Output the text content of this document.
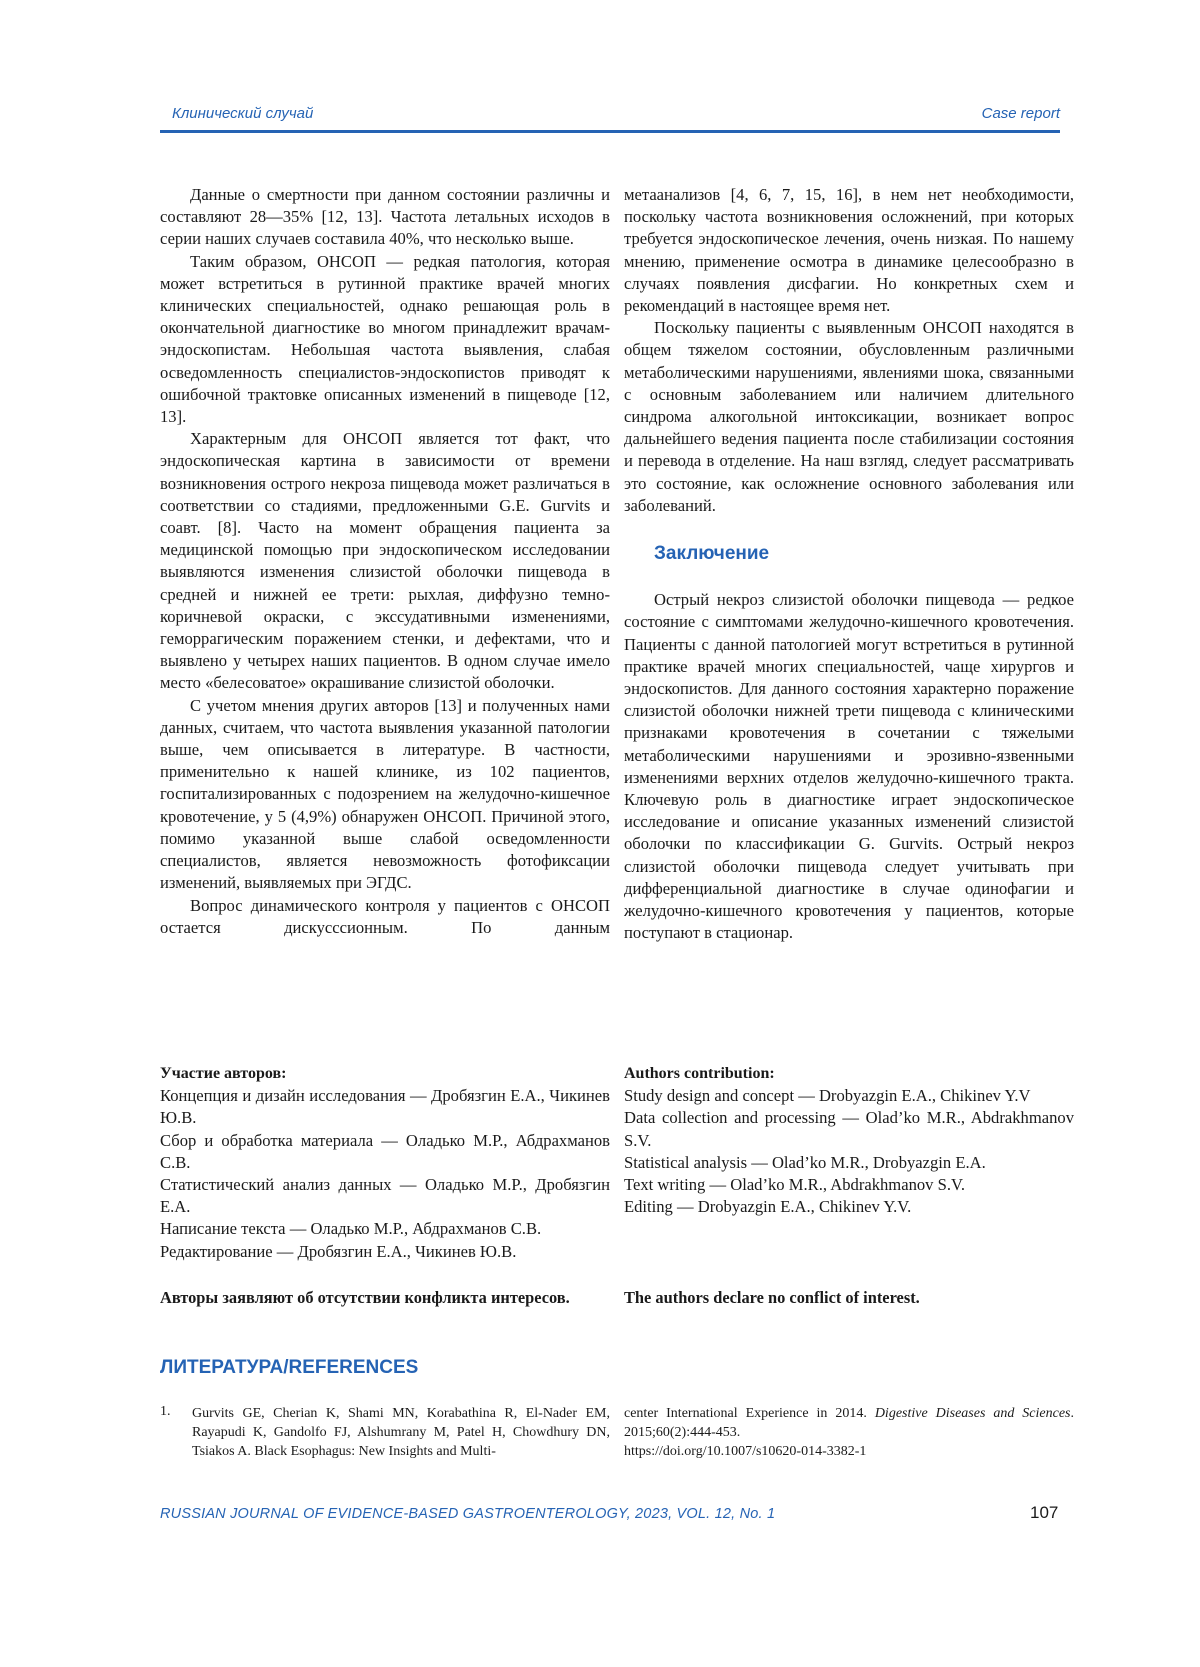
Клинический случай	Case report

Данные о смертности при данном состоянии различны и составляют 28—35% [12, 13]. Частота летальных исходов в серии наших случаев составила 40%, что несколько выше.

Таким образом, ОНСОП — редкая патология, которая может встретиться в рутинной практике врачей многих клинических специальностей, однако решающая роль в окончательной диагностике во многом принадлежит врачам-эндоскопистам. Небольшая частота выявления, слабая осведомленность специалистов-эндоскопистов приводят к ошибочной трактовке описанных изменений в пищеводе [12, 13].

Характерным для ОНСОП является тот факт, что эндоскопическая картина в зависимости от времени возникновения острого некроза пищевода может различаться в соответствии со стадиями, предложенными G.E. Gurvits и соавт. [8]. Часто на момент обращения пациента за медицинской помощью при эндоскопическом исследовании выявляются изменения слизистой оболочки пищевода в средней и нижней ее трети: рыхлая, диффузно темно-коричневой окраски, с экссудативными изменениями, геморрагическим поражением стенки, и дефектами, что и выявлено у четырех наших пациентов. В одном случае имело место «белесоватое» окрашивание слизистой оболочки.

С учетом мнения других авторов [13] и полученных нами данных, считаем, что частота выявления указанной патологии выше, чем описывается в литературе. В частности, применительно к нашей клинике, из 102 пациентов, госпитализированных с подозрением на желудочно-кишечное кровотечение, у 5 (4,9%) обнаружен ОНСОП. Причиной этого, помимо указанной выше слабой осведомленности специалистов, является невозможность фотофиксации изменений, выявляемых при ЭГДС.

Вопрос динамического контроля у пациентов с ОНСОП остается дискусссионным. По данным

метаанализов [4, 6, 7, 15, 16], в нем нет необходимости, поскольку частота возникновения осложнений, при которых требуется эндоскопическое лечения, очень низкая. По нашему мнению, применение осмотра в динамике целесообразно в случаях появления дисфагии. Но конкретных схем и рекомендаций в настоящее время нет.

Поскольку пациенты с выявленным ОНСОП находятся в общем тяжелом состоянии, обусловленным различными метаболическими нарушениями, явлениями шока, связанными с основным заболеванием или наличием длительного синдрома алкогольной интоксикации, возникает вопрос дальнейшего ведения пациента после стабилизации состояния и перевода в отделение. На наш взгляд, следует рассматривать это состояние, как осложнение основного заболевания или заболеваний.

Заключение

Острый некроз слизистой оболочки пищевода — редкое состояние с симптомами желудочно-кишечного кровотечения. Пациенты с данной патологией могут встретиться в рутинной практике врачей многих специальностей, чаще хирургов и эндоскопистов. Для данного состояния характерно поражение слизистой оболочки нижней трети пищевода с клиническими признаками кровотечения в сочетании с тяжелыми метаболическими нарушениями и эрозивно-язвенными изменениями верхних отделов желудочно-кишечного тракта. Ключевую роль в диагностике играет эндоскопическое исследование и описание указанных изменений слизистой оболочки по классификации G. Gurvits. Острый некроз слизистой оболочки пищевода следует учитывать при дифференциальной диагностике в случае одинофагии и желудочно-кишечного кровотечения у пациентов, которые поступают в стационар.

Участие авторов:
Концепция и дизайн исследования — Дробязгин Е.А., Чикинев Ю.В.
Сбор и обработка материала — Оладько М.Р., Абдрахманов С.В.
Статистический анализ данных — Оладько М.Р., Дробязгин Е.А.
Написание текста — Оладько М.Р., Абдрахманов С.В.
Редактирование — Дробязгин Е.А., Чикинев Ю.В.
Authors contribution:
Study design and concept — Drobyazgin E.A., Chikinev Y.V
Data collection and processing — Olad’ko M.R., Abdrakhmanov S.V.
Statistical analysis — Olad’ko M.R., Drobyazgin E.A.
Text writing — Olad’ko M.R., Abdrakhmanov S.V.
Editing — Drobyazgin E.A., Chikinev Y.V.
Авторы заявляют об отсутствии конфликта интересов.	The authors declare no conflict of interest.
ЛИТЕРАТУРА/REFERENCES
1. Gurvits GE, Cherian K, Shami MN, Korabathina R, El-Nader EM, Rayapudi K, Gandolfo FJ, Alshumrany M, Patel H, Chowdhury DN, Tsiakos A. Black Esophagus: New Insights and Multi-
center International Experience in 2014. Digestive Diseases and Sciences. 2015;60(2):444-453.
https://doi.org/10.1007/s10620-014-3382-1
RUSSIAN JOURNAL OF EVIDENCE-BASED GASTROENTEROLOGY, 2023, VOL. 12, No. 1	107
